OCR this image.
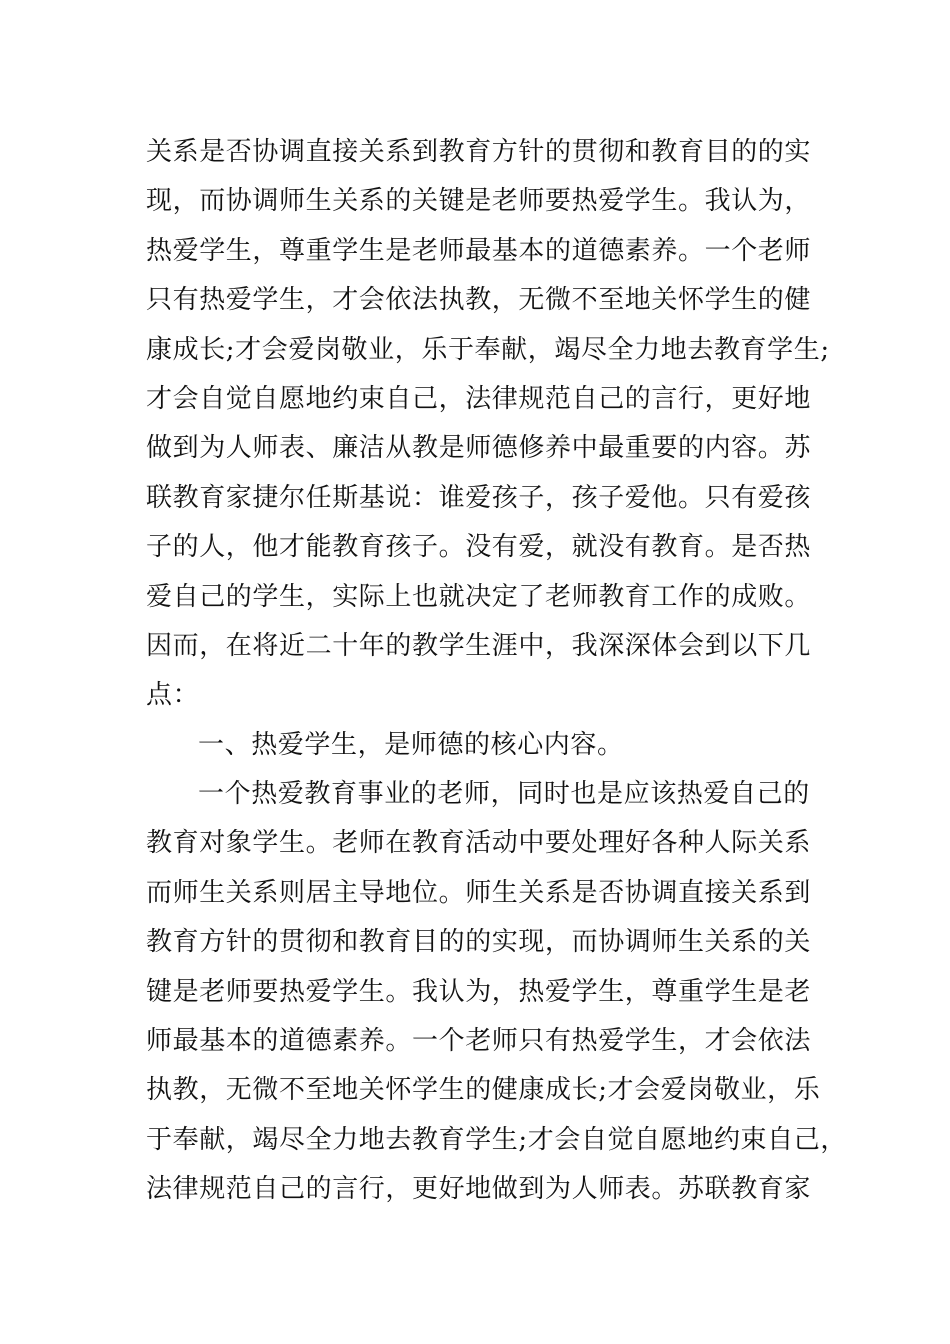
关系是否协调直接关系到教育方针的贯彻和教育目的的实
现，而协调师生关系的关键是老师要热爱学生。我认为，
热爱学生，尊重学生是老师最基本的道德素养。一个老师
只有热爱学生，才会依法执教，无微不至地关怀学生的健
康成长;才会爱岗敬业，乐于奉献，竭尽全力地去教育学生;
才会自觉自愿地约束自己，法律规范自己的言行，更好地
做到为人师表、廉洁从教是师德修养中最重要的内容。苏
联教育家捷尔任斯基说：谁爱孩子，孩子爱他。只有爱孩
子的人，他才能教育孩子。没有爱，就没有教育。是否热
爱自己的学生，实际上也就决定了老师教育工作的成败。
因而，在将近二十年的教学生涯中，我深深体会到以下几
点：
一、热爱学生，是师德的核心内容。
一个热爱教育事业的老师，同时也是应该热爱自己的
教育对象学生。老师在教育活动中要处理好各种人际关系
而师生关系则居主导地位。师生关系是否协调直接关系到
教育方针的贯彻和教育目的的实现，而协调师生关系的关
键是老师要热爱学生。我认为，热爱学生，尊重学生是老
师最基本的道德素养。一个老师只有热爱学生，才会依法
执教，无微不至地关怀学生的健康成长;才会爱岗敬业，乐
于奉献，竭尽全力地去教育学生;才会自觉自愿地约束自己，
法律规范自己的言行，更好地做到为人师表。苏联教育家
